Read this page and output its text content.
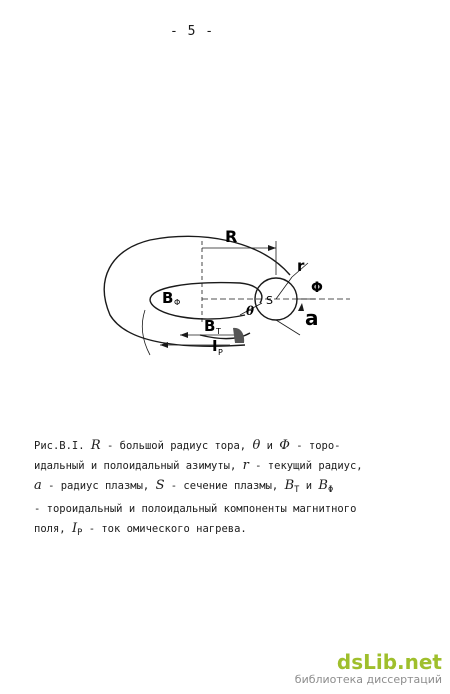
- 5 -
R
r
Φ
a
S
θ
B Φ
B T
I P

Рис.В.I. R - большой радиус тора, θ и Φ - торо-

идальный и полоидальный азимуты, r - текущий радиус,

a - радиус плазмы, S - сечение плазмы, $B_T$ и $B_\Phi$

- тороидальный и полоидальный компоненты магнитного

поля, $I_P$ - ток омического нагрева.

dsLib.net
библиотека диссертаций
